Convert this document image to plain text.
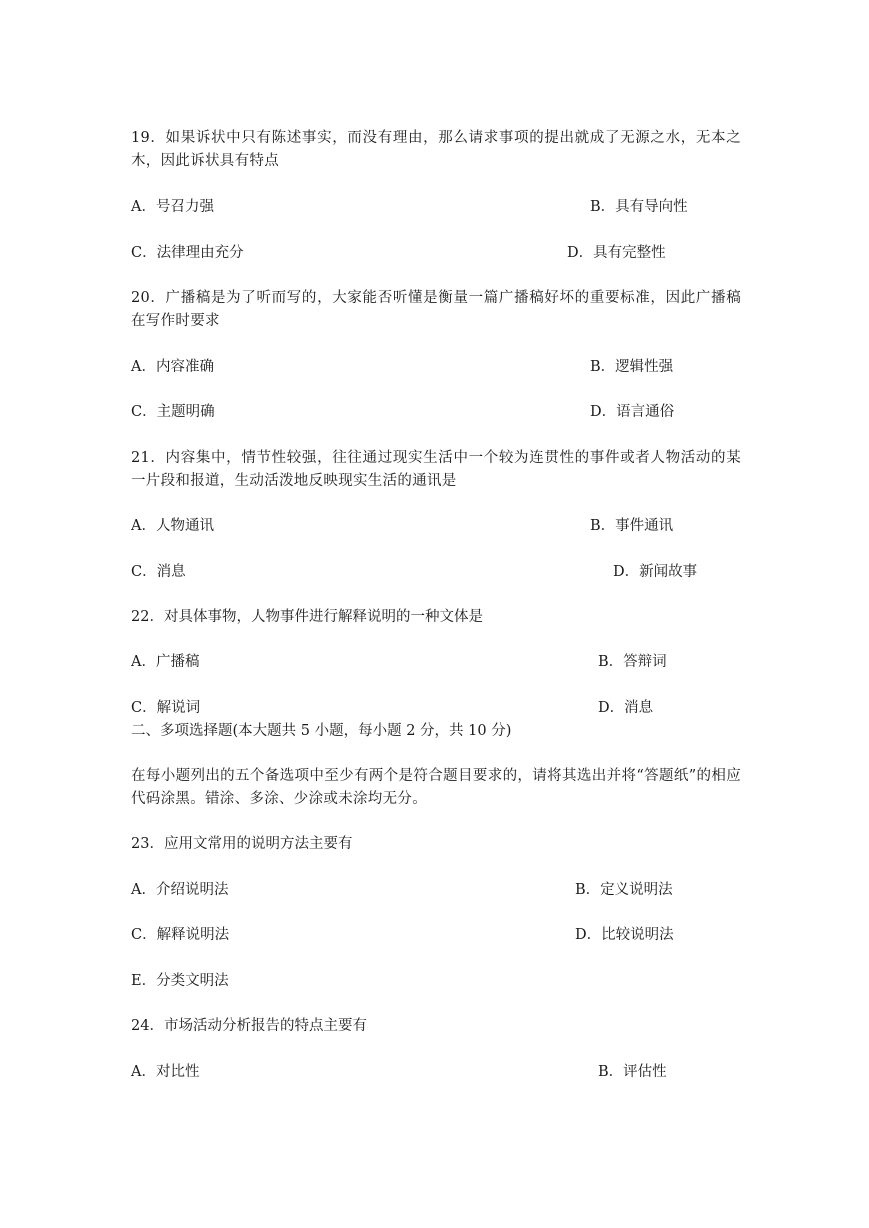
19．如果诉状中只有陈述事实，而没有理由，那么请求事项的提出就成了无源之水，无本之木，因此诉状具有特点
A．号召力强	B．具有导向性
C．法律理由充分	D．具有完整性
20．广播稿是为了听而写的，大家能否听懂是衡量一篇广播稿好坏的重要标准，因此广播稿在写作时要求
A．内容准确	B．逻辑性强
C．主题明确	D．语言通俗
21．内容集中，情节性较强，往往通过现实生活中一个较为连贯性的事件或者人物活动的某一片段和报道，生动活泼地反映现实生活的通讯是
A．人物通讯	B．事件通讯
C．消息	D．新闻故事
22．对具体事物，人物事件进行解释说明的一种文体是
A．广播稿	B．答辩词
C．解说词	D．消息
二、多项选择题(本大题共 5 小题，每小题 2 分，共 10 分)
在每小题列出的五个备选项中至少有两个是符合题目要求的，请将其选出并将“答题纸”的相应代码涂黑。错涂、多涂、少涂或未涂均无分。
23．应用文常用的说明方法主要有
A．介绍说明法	B．定义说明法
C．解释说明法	D．比较说明法
E．分类文明法
24．市场活动分析报告的特点主要有
A．对比性	B．评估性
